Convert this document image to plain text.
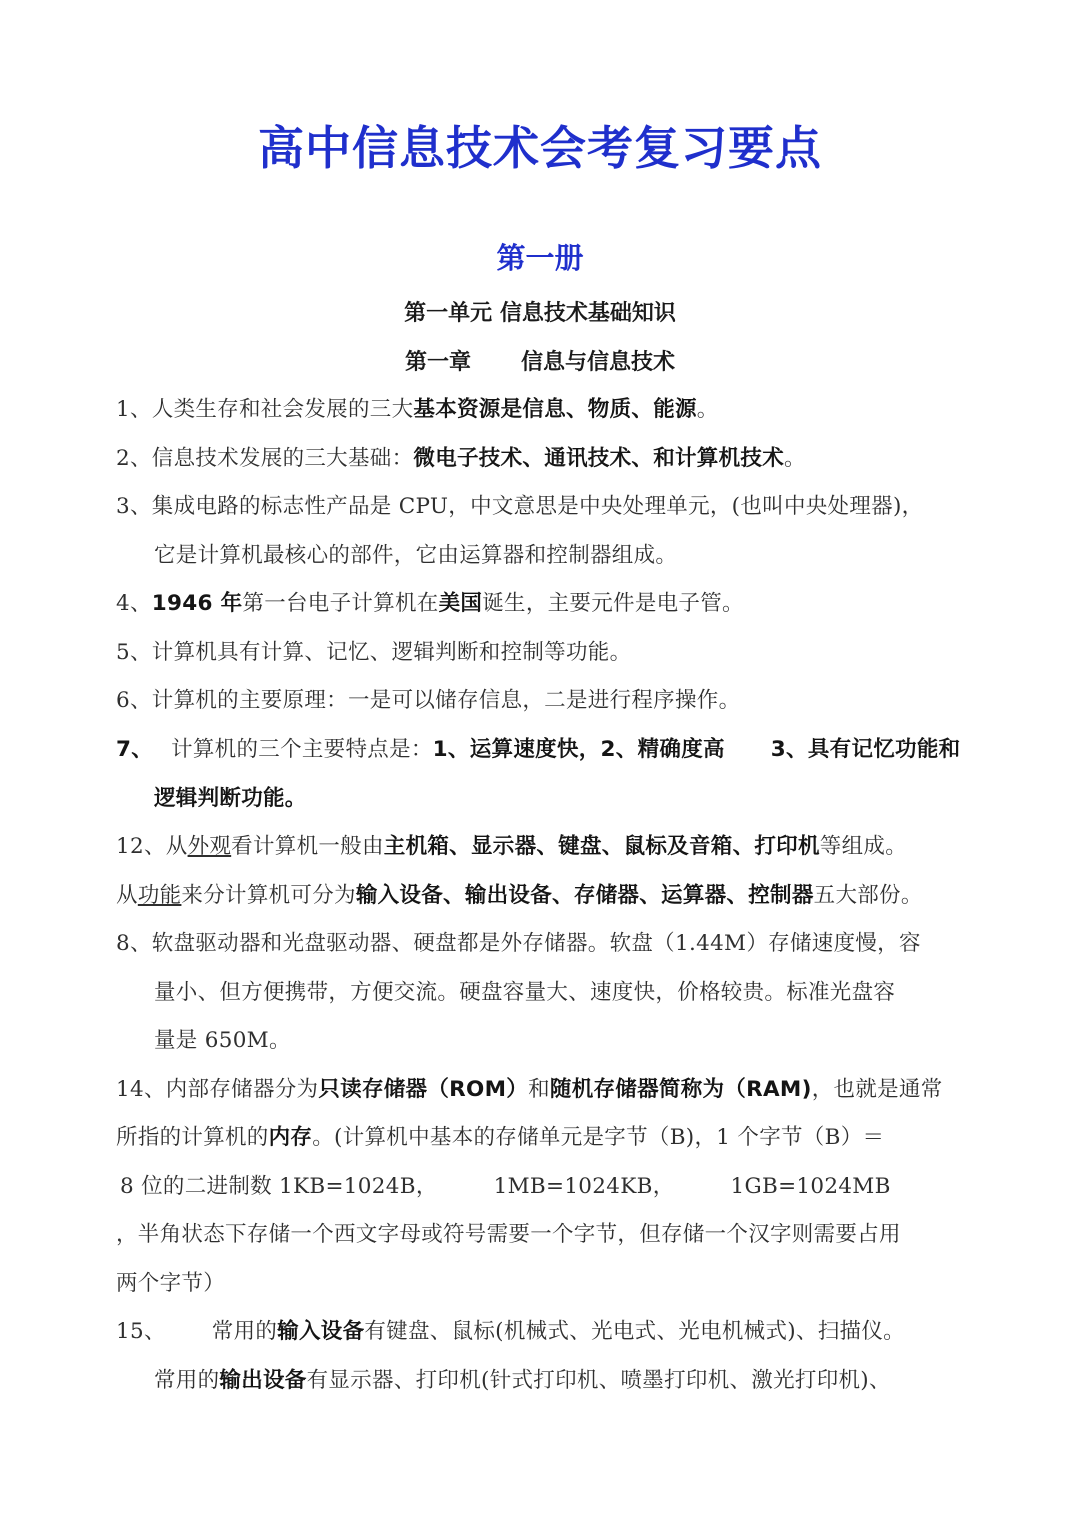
高中信息技术会考复习要点
第一册
第一单元 信息技术基础知识
第一章 信息与信息技术
1、人类生存和社会发展的三大基本资源是信息、物质、能源。
2、信息技术发展的三大基础：微电子技术、通讯技术、和计算机技术。
3、集成电路的标志性产品是 CPU，中文意思是中央处理单元，(也叫中央处理器)，
它是计算机最核心的部件，它由运算器和控制器组成。
4、1946 年第一台电子计算机在美国诞生，主要元件是电子管。
5、计算机具有计算、记忆、逻辑判断和控制等功能。
6、计算机的主要原理：一是可以储存信息，二是进行程序操作。
7、 计算机的三个主要特点是：1、运算速度快，2、精确度高 3、具有记忆功能和
逻辑判断功能。
12、从外观看计算机一般由主机箱、显示器、键盘、鼠标及音箱、打印机等组成。
从功能来分计算机可分为输入设备、输出设备、存储器、运算器、控制器五大部份。
8、软盘驱动器和光盘驱动器、硬盘都是外存储器。软盘（1.44M）存储速度慢，容
量小、但方便携带，方便交流。硬盘容量大、速度快，价格较贵。标准光盘容
量是 650M。
14、内部存储器分为只读存储器（ROM）和随机存储器简称为（RAM)，也就是通常
所指的计算机的内存。(计算机中基本的存储单元是字节（B)，1 个字节（B）＝
8 位的二进制数 1KB=1024B，	1MB=1024KB，	1GB=1024MB
，半角状态下存储一个西文字母或符号需要一个字节，但存储一个汉字则需要占用
两个字节）
15、 常用的输入设备有键盘、鼠标(机械式、光电式、光电机械式)、扫描仪。
常用的输出设备有显示器、打印机(针式打印机、喷墨打印机、激光打印机)、
